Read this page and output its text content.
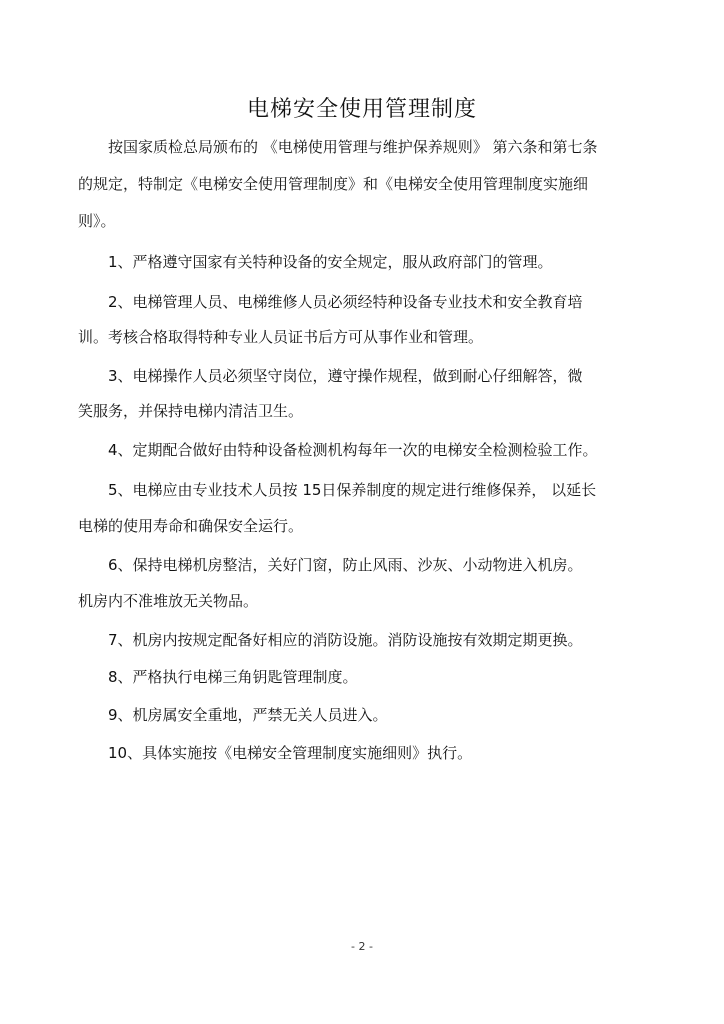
电梯安全使用管理制度
按国家质检总局颁布的 《电梯使用管理与维护保养规则》 第六条和第七条
的规定，特制定《电梯安全使用管理制度》和《电梯安全使用管理制度实施细
则》。
1、严格遵守国家有关特种设备的安全规定，服从政府部门的管理。
2、电梯管理人员、电梯维修人员必须经特种设备专业技术和安全教育培
训。考核合格取得特种专业人员证书后方可从事作业和管理。
3、电梯操作人员必须坚守岗位，遵守操作规程，做到耐心仔细解答，微
笑服务，并保持电梯内清洁卫生。
4、定期配合做好由特种设备检测机构每年一次的电梯安全检测检验工作。
5、电梯应由专业技术人员按 15日保养制度的规定进行维修保养， 以延长
电梯的使用寿命和确保安全运行。
6、保持电梯机房整洁，关好门窗，防止风雨、沙灰、小动物进入机房。
机房内不准堆放无关物品。
7、机房内按规定配备好相应的消防设施。消防设施按有效期定期更换。
8、严格执行电梯三角钥匙管理制度。
9、机房属安全重地，严禁无关人员进入。
10、具体实施按《电梯安全管理制度实施细则》执行。
- 2 -
